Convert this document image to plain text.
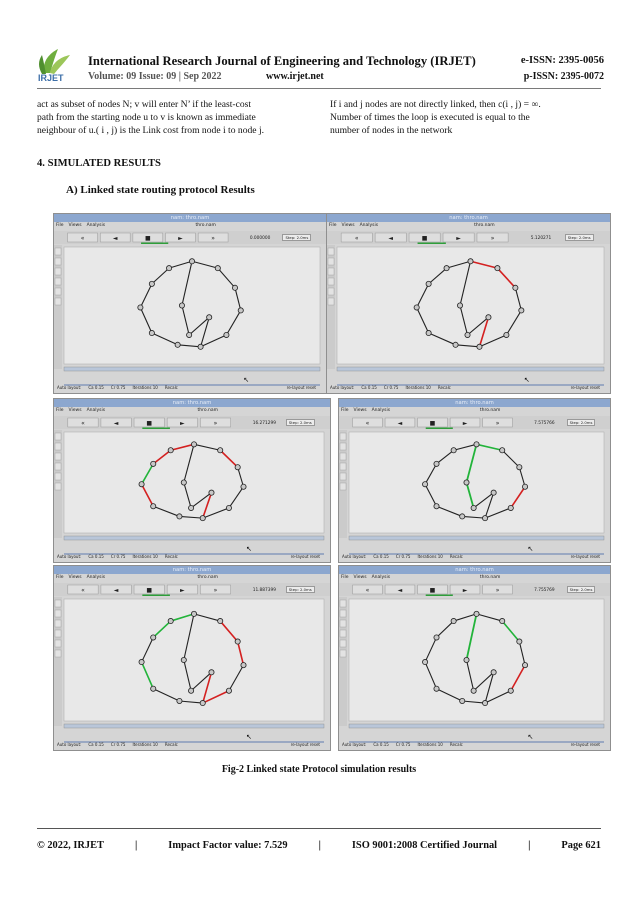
IRJET
International Research Journal of Engineering and Technology (IRJET)	e-ISSN: 2395-0056
Volume: 09 Issue: 09 | Sep 2022	www.irjet.net	p-ISSN: 2395-0072
act as subset of nodes N; v will enter N’ if the least-cost
path from the starting node u to v is known as immediate
neighbour of u.( i , j) is the Link cost from node i to node j.
If i and j nodes are not directly linked, then c(i , j) = ∞.
Number of times the loop is executed is equal to the
number of nodes in the network
4. SIMULATED RESULTS
A) Linked state routing protocol Results
«	◄	■	►	»
↖
nam: thro.nam
File Views Analysis	thro.nam
0.000000	Step: 2.0ms
Auto layout: Ca 0.15 Cr 0.75 Iterations 10 Recalc	re-layout reset
«	◄	■	►	»
↖
nam: thro.nam
File Views Analysis	thro.nam
5.120271	Step: 2.0ms
Auto layout: Ca 0.15 Cr 0.75 Iterations 10 Recalc	re-layout reset
«	◄	■	►	»
↖
nam: thro.nam
File Views Analysis	thro.nam
16.271299	Step: 2.0ms
Auto layout: Ca 0.15 Cr 0.75 Iterations 10 Recalc	re-layout reset
«	◄	■	►	»
↖
nam: thro.nam
File Views Analysis	thro.nam
7.575766	Step: 2.0ms
Auto layout: Ca 0.15 Cr 0.75 Iterations 10 Recalc	re-layout reset
«	◄	■	►	»
↖
nam: thro.nam
File Views Analysis	thro.nam
11.887399	Step: 2.0ms
Auto layout: Ca 0.15 Cr 0.75 Iterations 10 Recalc	re-layout reset
«	◄	■	►	»
↖
nam: thro.nam
File Views Analysis	thro.nam
7.755769	Step: 2.0ms
Auto layout: Ca 0.15 Cr 0.75 Iterations 10 Recalc	re-layout reset
Fig-2 Linked state Protocol simulation results
© 2022, IRJET	|	Impact Factor value: 7.529	|	ISO 9001:2008 Certified Journal	|	Page 621
